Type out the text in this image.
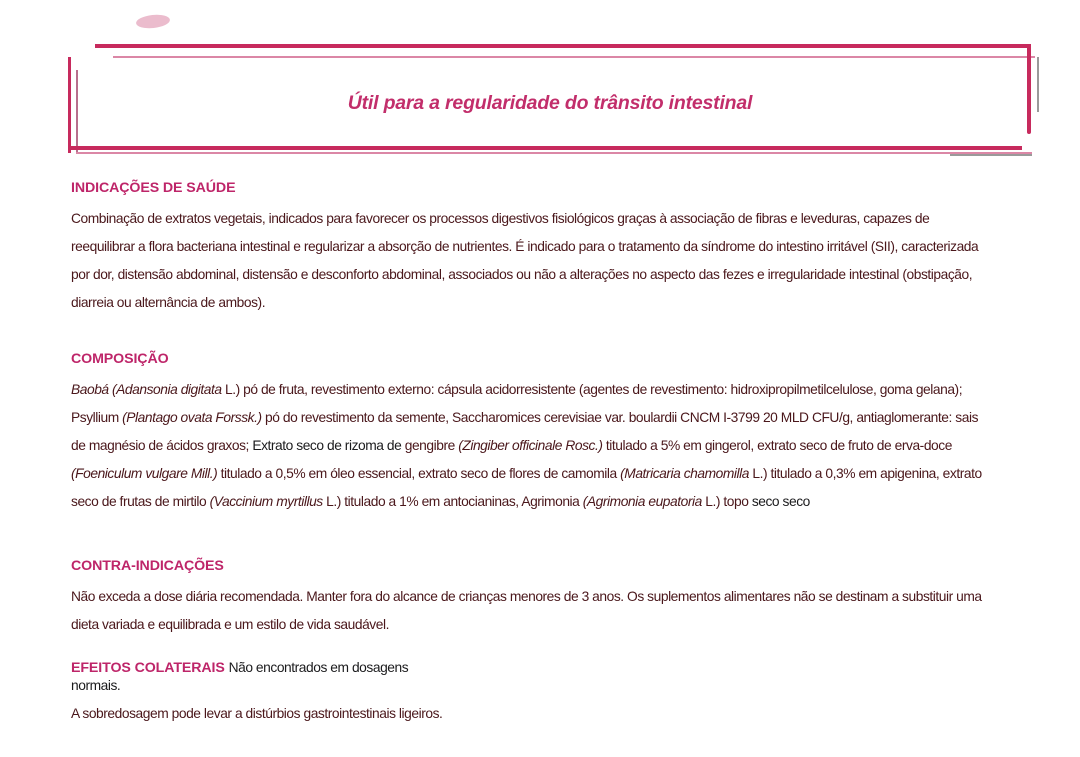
Útil para a regularidade do trânsito intestinal
INDICAÇÕES DE SAÚDE
Combinação de extratos vegetais, indicados para favorecer os processos digestivos fisiológicos graças à associação de fibras e leveduras, capazes de
reequilibrar a flora bacteriana intestinal e regularizar a absorção de nutrientes. É indicado para o tratamento da síndrome do intestino irritável (SII), caracterizada
por dor, distensão abdominal, distensão e desconforto abdominal, associados ou não a alterações no aspecto das fezes e irregularidade intestinal (obstipação,
diarreia ou alternância de ambos).
COMPOSIÇÃO
Baobá (Adansonia digitata L.) pó de fruta, revestimento externo: cápsula acidorresistente (agentes de revestimento: hidroxipropilmetilcelulose, goma gelana);
Psyllium (Plantago ovata Forssk.) pó do revestimento da semente, Saccharomices cerevisiae var. boulardii CNCM I-3799 20 MLD CFU/g, antiaglomerante: sais
de magnésio de ácidos graxos; Extrato seco de rizoma de gengibre (Zingiber officinale Rosc.) titulado a 5% em gingerol, extrato seco de fruto de erva-doce
(Foeniculum vulgare Mill.) titulado a 0,5% em óleo essencial, extrato seco de flores de camomila (Matricaria chamomilla L.) titulado a 0,3% em apigenina, extrato
seco de frutas de mirtilo (Vaccinium myrtillus L.) titulado a 1% em antocianinas, Agrimonia (Agrimonia eupatoria L.) topo seco seco
CONTRA-INDICAÇÕES
Não exceda a dose diária recomendada. Manter fora do alcance de crianças menores de 3 anos. Os suplementos alimentares não se destinam a substituir uma
dieta variada e equilibrada e um estilo de vida saudável.
EFEITOS COLATERAIS Não encontrados em dosagens
normais.
A sobredosagem pode levar a distúrbios gastrointestinais ligeiros.
